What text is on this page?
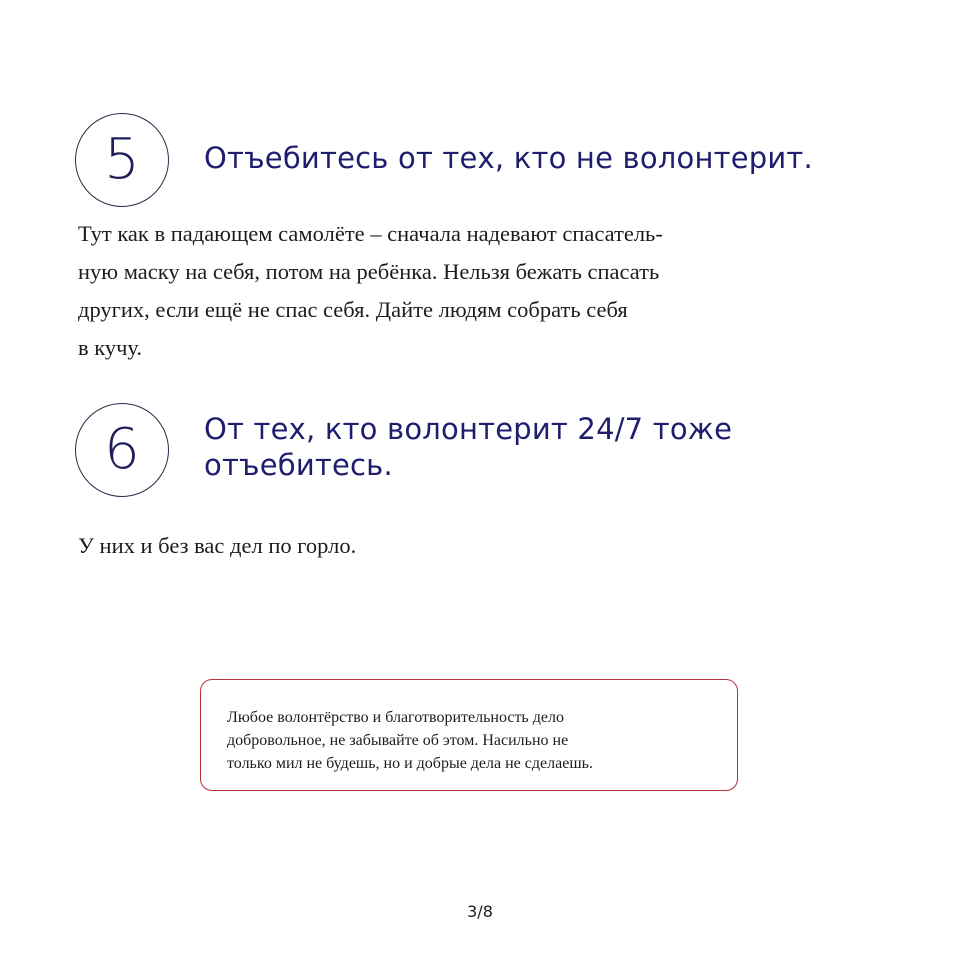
5	Отъебитесь от тех, кто не волонтерит.

Тут как в падающем самолёте – сначала надевают спасатель-
ную маску на себя, потом на ребёнка. Нельзя бежать спасать
других, если ещё не спас себя. Дайте людям собрать себя
в кучу.

6	От тех, кто волонтерит 24/7 тоже
отъебитесь.

У них и без вас дел по горло.

Любое волонтёрство и благотворительность дело
добровольное, не забывайте об этом. Насильно не
только мил не будешь, но и добрые дела не сделаешь.
3/8
